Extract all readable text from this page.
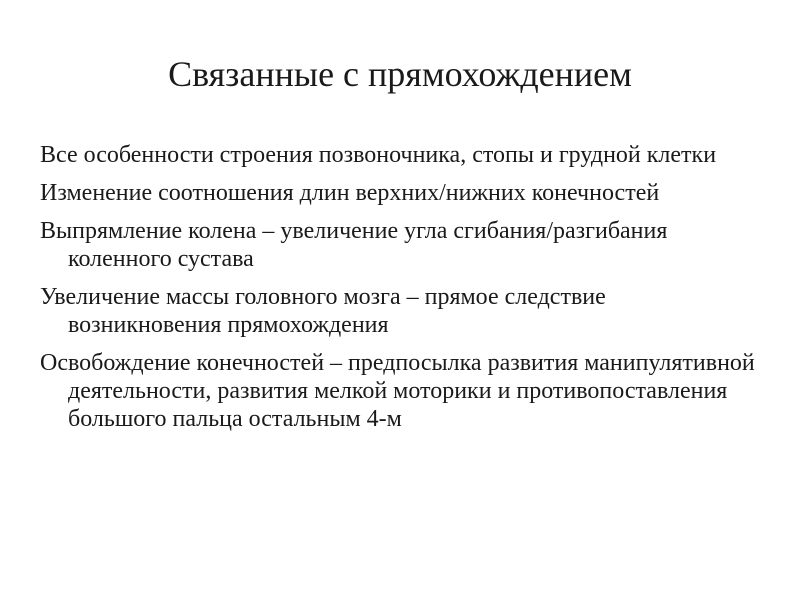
Связанные с прямохождением
Все особенности строения позвоночника, стопы и грудной клетки
Изменение соотношения длин верхних/нижних конечностей
Выпрямление колена – увеличение угла сгибания/разгибания коленного сустава
Увеличение массы головного мозга – прямое следствие возникновения прямохождения
Освобождение конечностей – предпосылка развития манипулятивной деятельности, развития мелкой моторики и противопоставления большого пальца остальным 4-м
